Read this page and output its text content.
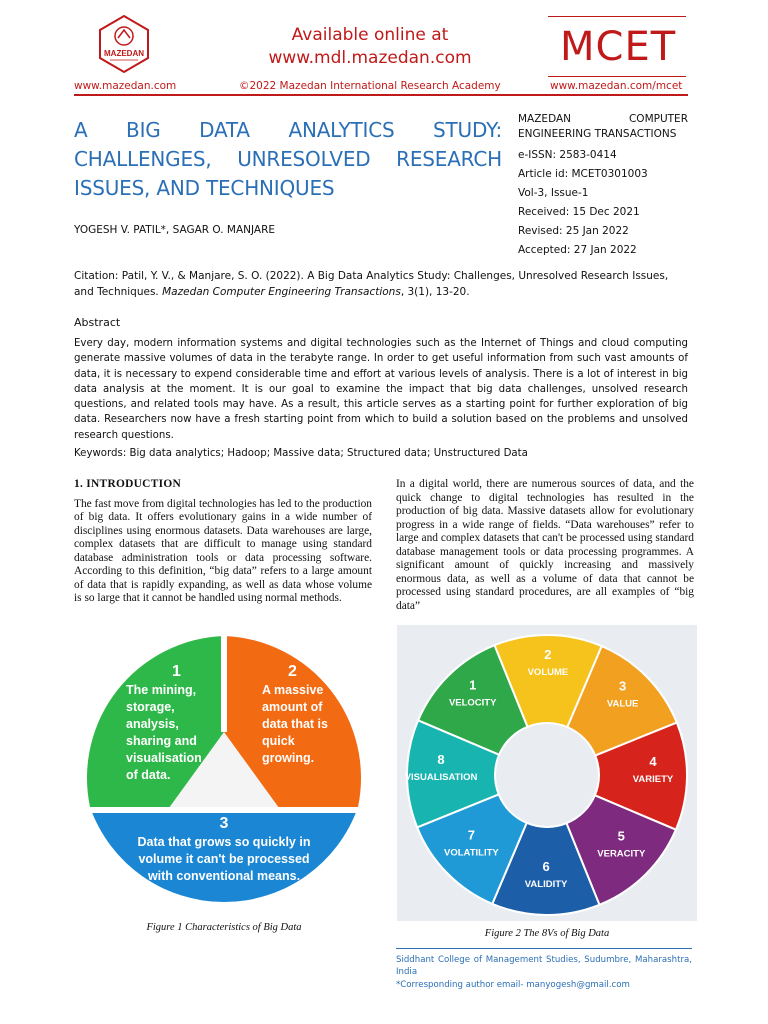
MAZEDAN
Available online at
www.mdl.mazedan.com	MCET
www.mazedan.com	©2022 Mazedan International Research Academy	www.mazedan.com/mcet
A BIG DATA ANALYTICS STUDY: CHALLENGES, UNRESOLVED RESEARCH ISSUES, AND TECHNIQUES
YOGESH V. PATIL*, SAGAR O. MANJARE
MAZEDAN COMPUTER
ENGINEERING TRANSACTIONS
e-ISSN: 2583-0414
Article id: MCET0301003
Vol-3, Issue-1
Received: 15 Dec 2021
Revised: 25 Jan 2022
Accepted: 27 Jan 2022
Citation: Patil, Y. V., & Manjare, S. O. (2022). A Big Data Analytics Study: Challenges, Unresolved Research Issues, and Techniques. Mazedan Computer Engineering Transactions, 3(1), 13-20.
Abstract
Every day, modern information systems and digital technologies such as the Internet of Things and cloud computing generate massive volumes of data in the terabyte range. In order to get useful information from such vast amounts of data, it is necessary to expend considerable time and effort at various levels of analysis. There is a lot of interest in big data analysis at the moment. It is our goal to examine the impact that big data challenges, unsolved research questions, and related tools may have. As a result, this article serves as a starting point for further exploration of big data. Researchers now have a fresh starting point from which to build a solution based on the problems and unsolved research questions.
Keywords: Big data analytics; Hadoop; Massive data; Structured data; Unstructured Data
1. INTRODUCTION
The fast move from digital technologies has led to the production of big data. It offers evolutionary gains in a wide number of disciplines using enormous datasets. Data warehouses are large, complex datasets that are difficult to manage using standard database administration tools or data processing software. According to this definition, “big data” refers to a large amount of data that is rapidly expanding, as well as data whose volume is so large that it cannot be handled using normal methods.
In a digital world, there are numerous sources of data, and the quick change to digital technologies has resulted in the production of big data. Massive datasets allow for evolutionary progress in a wide range of fields. “Data warehouses” refer to large and complex datasets that can't be processed using standard database management tools or data processing programmes. A significant amount of quickly increasing and massively enormous data, as well as a volume of data that cannot be processed using standard procedures, are all examples of “big data”
1	2
3
The mining,
storage,
analysis,
sharing and
visualisation
of data.
A massive
amount of
data that is
quick
growing.
Data that grows so quickly in
volume it can't be processed
with conventional means.
Figure 1 Characteristics of Big Data
8
VISUALISATION
1
VELOCITY
2
VOLUME
3
VALUE
4
VARIETY
5
VERACITY
6
VALIDITY
7
VOLATILITY
Figure 2 The 8Vs of Big Data
Siddhant College of Management Studies, Sudumbre, Maharashtra, India
*Corresponding author email- manyogesh@gmail.com
